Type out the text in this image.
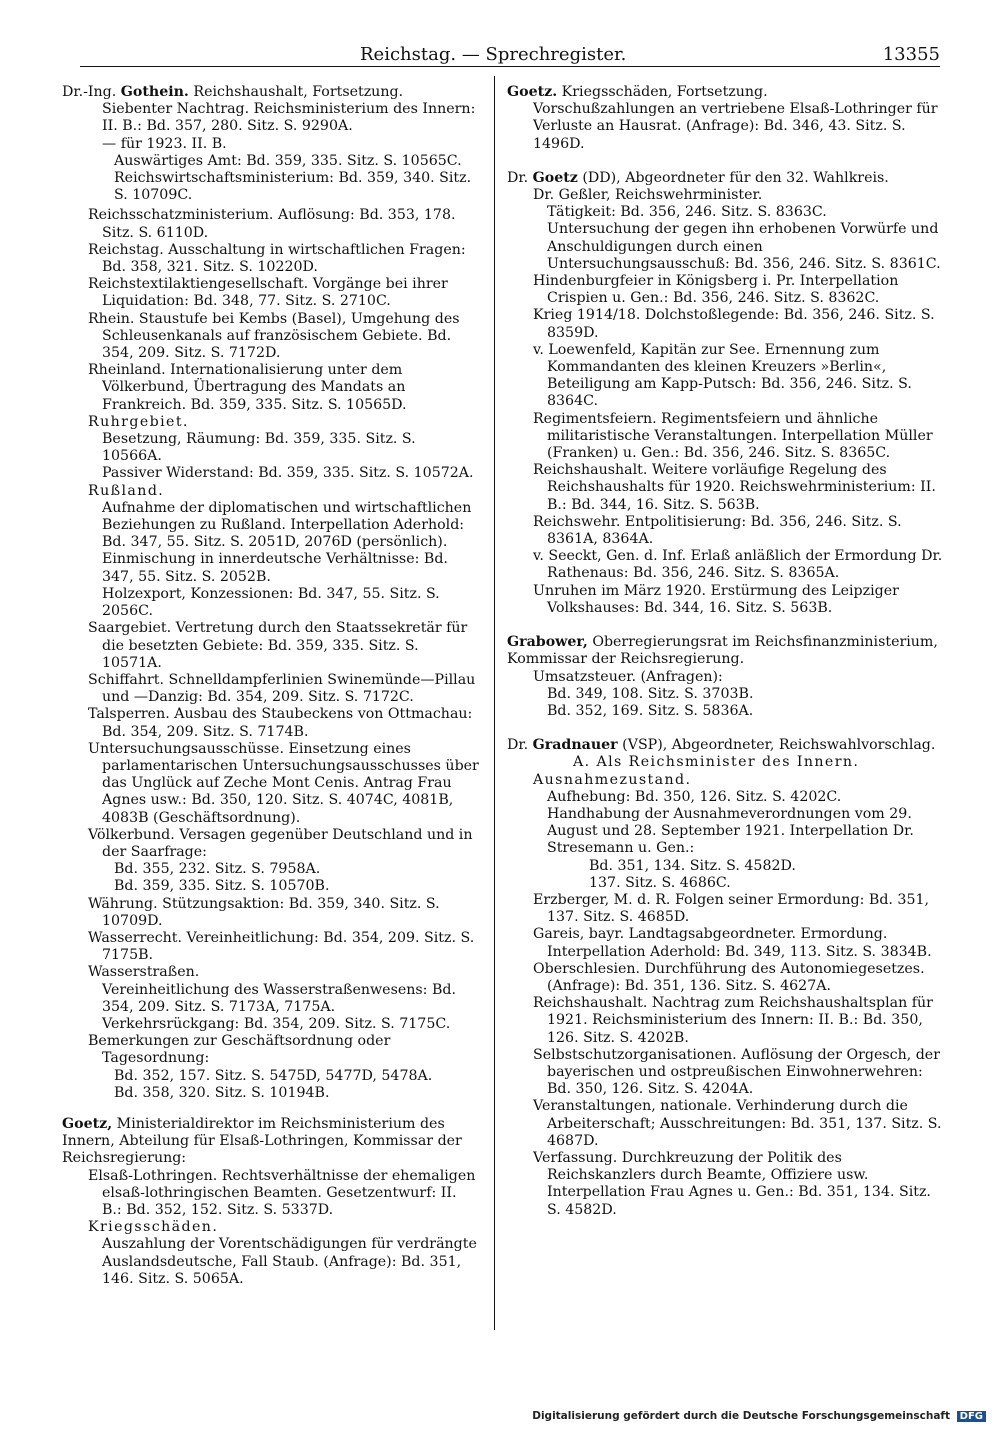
Reichstag. — Sprechregister.	13355

Dr.-Ing. Gothein. Reichshaushalt, Fortsetzung.

Siebenter Nachtrag. Reichsministerium des Innern: II. B.: Bd. 357, 280. Sitz. S. 9290A.

— für 1923. II. B.

Auswärtiges Amt: Bd. 359, 335. Sitz. S. 10565C.

Reichswirtschaftsministerium: Bd. 359, 340. Sitz. S. 10709C.

Reichsschatzministerium. Auflösung: Bd. 353, 178. Sitz. S. 6110D.

Reichstag. Ausschaltung in wirtschaftlichen Fragen: Bd. 358, 321. Sitz. S. 10220D.

Reichstextilaktiengesellschaft. Vorgänge bei ihrer Liquidation: Bd. 348, 77. Sitz. S. 2710C.

Rhein. Staustufe bei Kembs (Basel), Umgehung des Schleusenkanals auf französischem Gebiete. Bd. 354, 209. Sitz. S. 7172D.

Rheinland. Internationalisierung unter dem Völkerbund, Übertragung des Mandats an Frankreich. Bd. 359, 335. Sitz. S. 10565D.

Ruhrgebiet.

Besetzung, Räumung: Bd. 359, 335. Sitz. S. 10566A.

Passiver Widerstand: Bd. 359, 335. Sitz. S. 10572A.

Rußland.

Aufnahme der diplomatischen und wirtschaftlichen Beziehungen zu Rußland. Interpellation Aderhold: Bd. 347, 55. Sitz. S. 2051D, 2076D (persönlich).

Einmischung in innerdeutsche Verhältnisse: Bd. 347, 55. Sitz. S. 2052B.

Holzexport, Konzessionen: Bd. 347, 55. Sitz. S. 2056C.

Saargebiet. Vertretung durch den Staatssekretär für die besetzten Gebiete: Bd. 359, 335. Sitz. S. 10571A.

Schiffahrt. Schnelldampferlinien Swinemünde—Pillau und —Danzig: Bd. 354, 209. Sitz. S. 7172C.

Talsperren. Ausbau des Staubeckens von Ottmachau: Bd. 354, 209. Sitz. S. 7174B.

Untersuchungsausschüsse. Einsetzung eines parlamentarischen Untersuchungsausschusses über das Unglück auf Zeche Mont Cenis. Antrag Frau Agnes usw.: Bd. 350, 120. Sitz. S. 4074C, 4081B, 4083B (Geschäftsordnung).

Völkerbund. Versagen gegenüber Deutschland und in der Saarfrage:

Bd. 355, 232. Sitz. S. 7958A.

Bd. 359, 335. Sitz. S. 10570B.

Währung. Stützungsaktion: Bd. 359, 340. Sitz. S. 10709D.

Wasserrecht. Vereinheitlichung: Bd. 354, 209. Sitz. S. 7175B.

Wasserstraßen.

Vereinheitlichung des Wasserstraßenwesens: Bd. 354, 209. Sitz. S. 7173A, 7175A.

Verkehrsrückgang: Bd. 354, 209. Sitz. S. 7175C.

Bemerkungen zur Geschäftsordnung oder Tagesordnung:

Bd. 352, 157. Sitz. S. 5475D, 5477D, 5478A.

Bd. 358, 320. Sitz. S. 10194B.

Goetz, Ministerialdirektor im Reichsministerium des Innern, Abteilung für Elsaß-Lothringen, Kommissar der Reichsregierung:

Elsaß-Lothringen. Rechtsverhältnisse der ehemaligen elsaß-lothringischen Beamten. Gesetzentwurf: II. B.: Bd. 352, 152. Sitz. S. 5337D.

Kriegsschäden.

Auszahlung der Vorentschädigungen für verdrängte Auslandsdeutsche, Fall Staub. (Anfrage): Bd. 351, 146. Sitz. S. 5065A.

Goetz. Kriegsschäden, Fortsetzung.

Vorschußzahlungen an vertriebene Elsaß-Lothringer für Verluste an Hausrat. (Anfrage): Bd. 346, 43. Sitz. S. 1496D.

Dr. Goetz (DD), Abgeordneter für den 32. Wahlkreis.

Dr. Geßler, Reichswehrminister.

Tätigkeit: Bd. 356, 246. Sitz. S. 8363C.

Untersuchung der gegen ihn erhobenen Vorwürfe und Anschuldigungen durch einen Untersuchungsausschuß: Bd. 356, 246. Sitz. S. 8361C.

Hindenburgfeier in Königsberg i. Pr. Interpellation Crispien u. Gen.: Bd. 356, 246. Sitz. S. 8362C.

Krieg 1914/18. Dolchstoßlegende: Bd. 356, 246. Sitz. S. 8359D.

v. Loewenfeld, Kapitän zur See. Ernennung zum Kommandanten des kleinen Kreuzers »Berlin«, Beteiligung am Kapp-Putsch: Bd. 356, 246. Sitz. S. 8364C.

Regimentsfeiern. Regimentsfeiern und ähnliche militaristische Veranstaltungen. Interpellation Müller (Franken) u. Gen.: Bd. 356, 246. Sitz. S. 8365C.

Reichshaushalt. Weitere vorläufige Regelung des Reichshaushalts für 1920. Reichswehrministerium: II. B.: Bd. 344, 16. Sitz. S. 563B.

Reichswehr. Entpolitisierung: Bd. 356, 246. Sitz. S. 8361A, 8364A.

v. Seeckt, Gen. d. Inf. Erlaß anläßlich der Ermordung Dr. Rathenaus: Bd. 356, 246. Sitz. S. 8365A.

Unruhen im März 1920. Erstürmung des Leipziger Volkshauses: Bd. 344, 16. Sitz. S. 563B.

Grabower, Oberregierungsrat im Reichsfinanzministerium, Kommissar der Reichsregierung.

Umsatzsteuer. (Anfragen):

Bd. 349, 108. Sitz. S. 3703B.

Bd. 352, 169. Sitz. S. 5836A.

Dr. Gradnauer (VSP), Abgeordneter, Reichswahlvorschlag.

A. Als Reichsminister des Innern.

Ausnahmezustand.

Aufhebung: Bd. 350, 126. Sitz. S. 4202C.

Handhabung der Ausnahmeverordnungen vom 29. August und 28. September 1921. Interpellation Dr. Stresemann u. Gen.:

Bd. 351, 134. Sitz. S. 4582D.

137. Sitz. S. 4686C.

Erzberger, M. d. R. Folgen seiner Ermordung: Bd. 351, 137. Sitz. S. 4685D.

Gareis, bayr. Landtagsabgeordneter. Ermordung. Interpellation Aderhold: Bd. 349, 113. Sitz. S. 3834B.

Oberschlesien. Durchführung des Autonomiegesetzes. (Anfrage): Bd. 351, 136. Sitz. S. 4627A.

Reichshaushalt. Nachtrag zum Reichshaushaltsplan für 1921. Reichsministerium des Innern: II. B.: Bd. 350, 126. Sitz. S. 4202B.

Selbstschutzorganisationen. Auflösung der Orgesch, der bayerischen und ostpreußischen Einwohnerwehren: Bd. 350, 126. Sitz. S. 4204A.

Veranstaltungen, nationale. Verhinderung durch die Arbeiterschaft; Ausschreitungen: Bd. 351, 137. Sitz. S. 4687D.

Verfassung. Durchkreuzung der Politik des Reichskanzlers durch Beamte, Offiziere usw. Interpellation Frau Agnes u. Gen.: Bd. 351, 134. Sitz. S. 4582D.

Digitalisierung gefördert durch die Deutsche Forschungsgemeinschaft DFG
